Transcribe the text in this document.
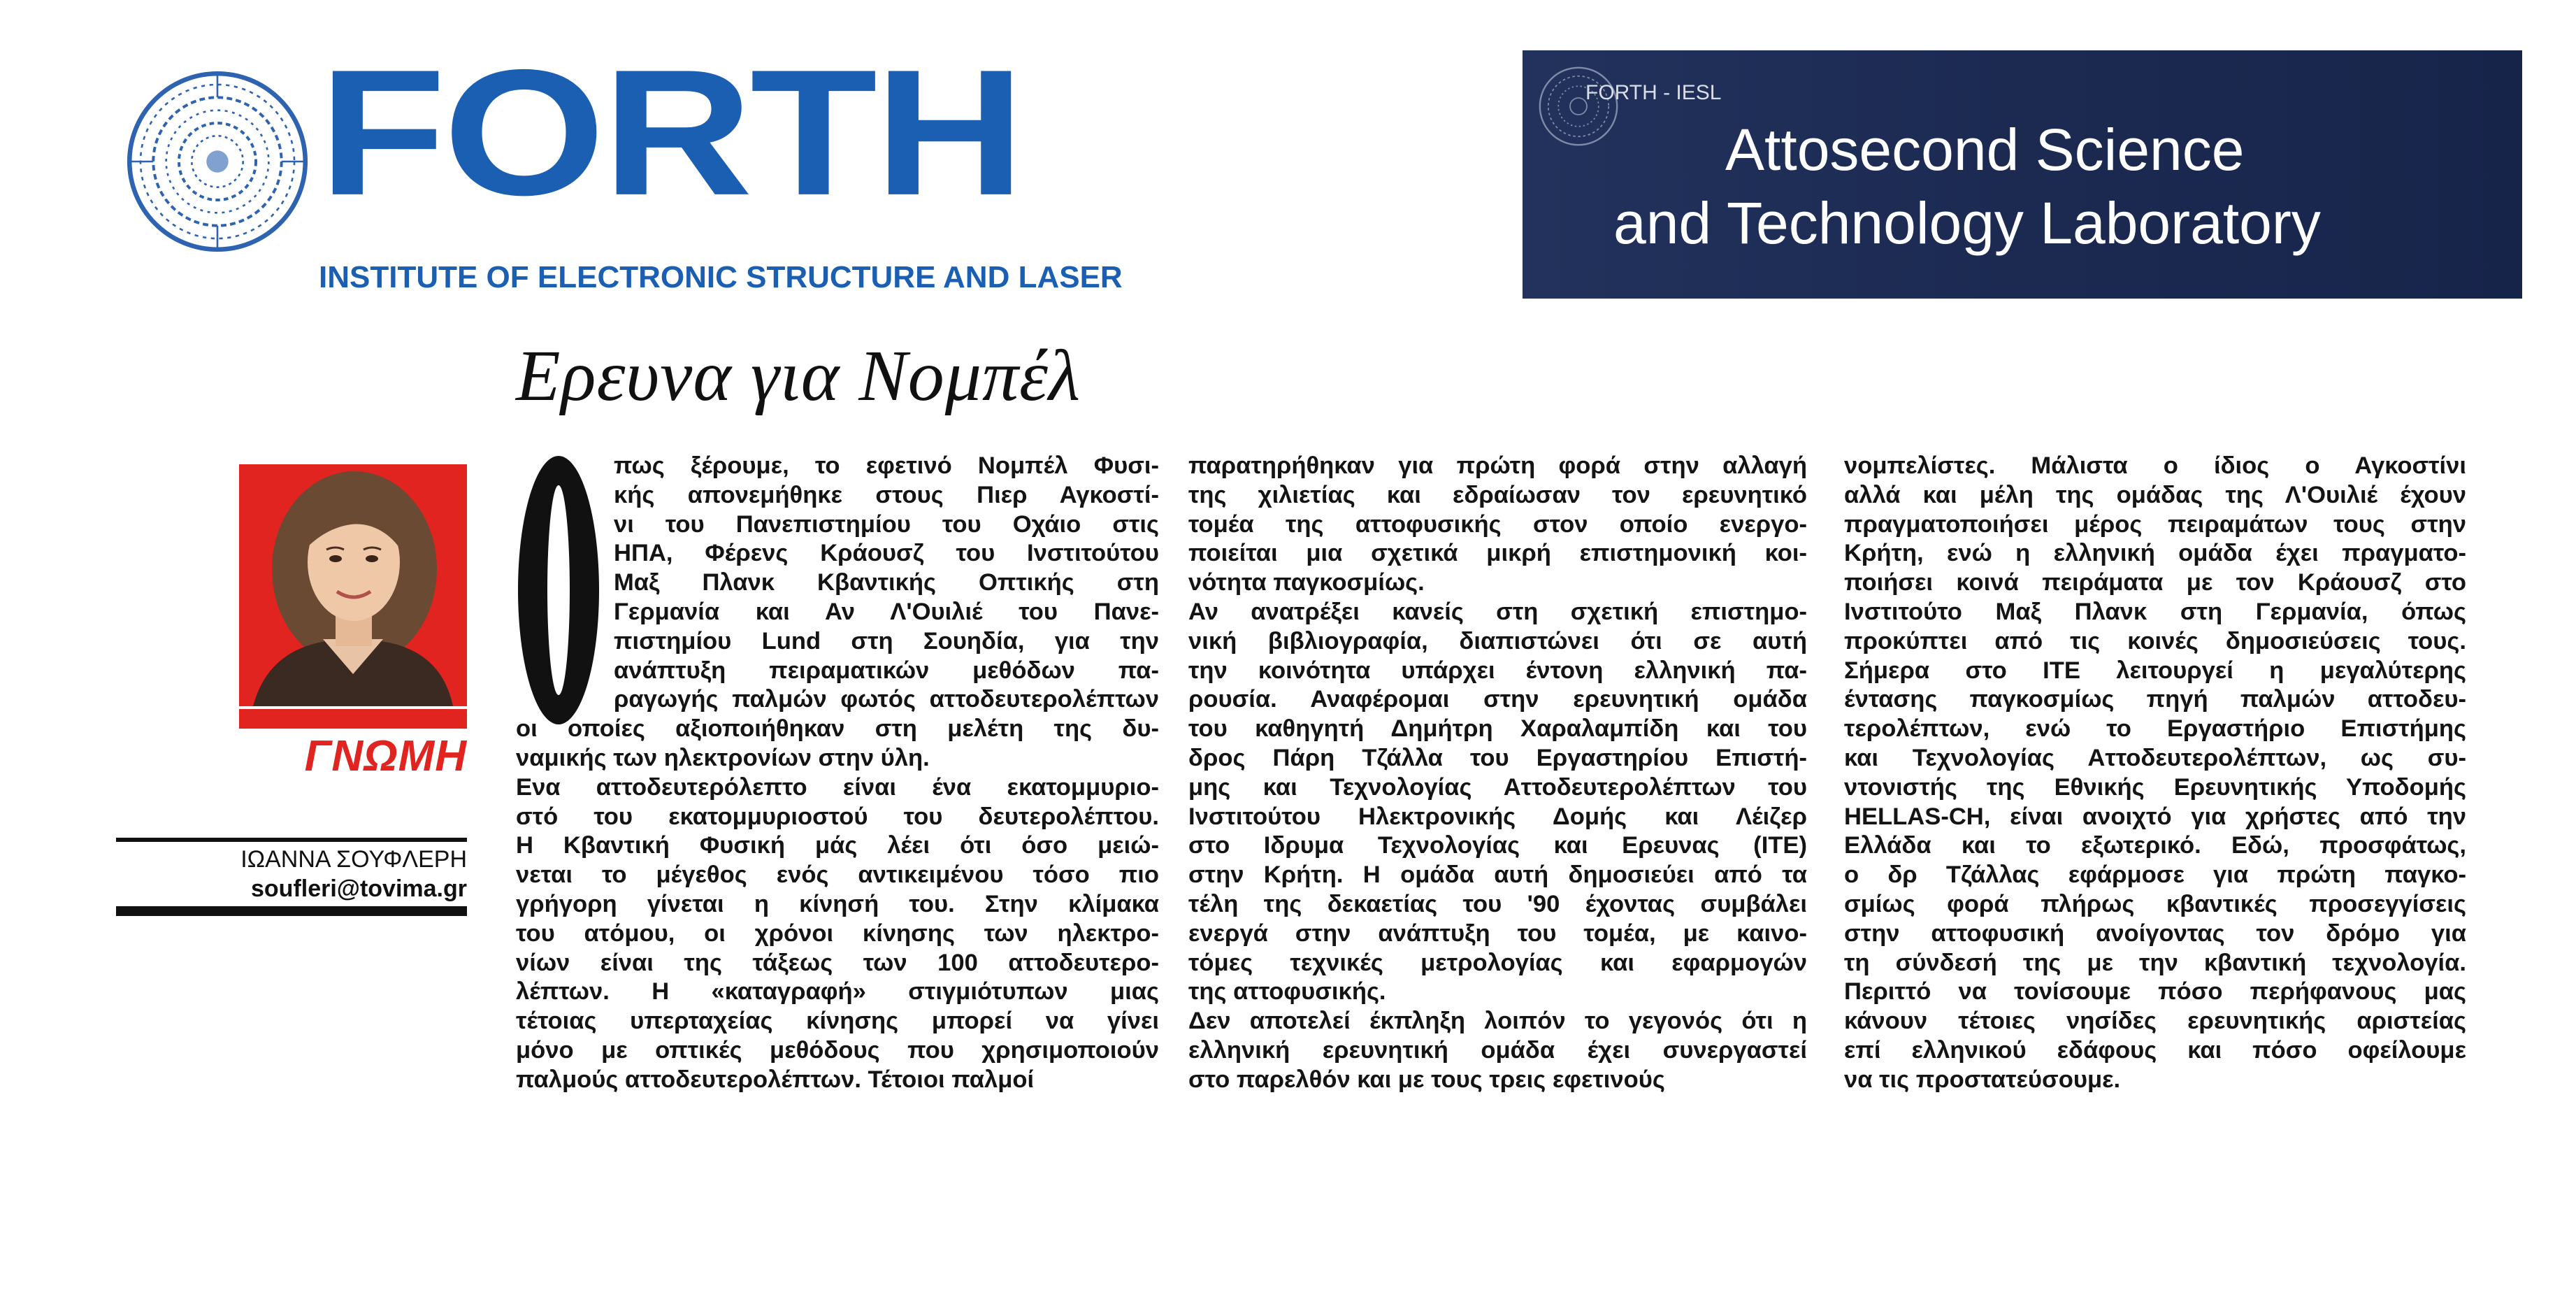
FORTH
INSTITUTE OF ELECTRONIC STRUCTURE AND LASER
FORTH - IESL
Attosecond Science
and Technology Laboratory
Ερευνα για Νομπέλ
ΓΝΩΜΗ
ΙΩΑΝΝΑ ΣΟΥΦΛΕΡΗ
soufleri@tovima.gr
πως ξέρουμε, το εφετινό Νομπέλ Φυσι-
κής απονεμήθηκε στους Πιερ Αγκοστί-
νι του Πανεπιστημίου του Οχάιο στις
ΗΠΑ, Φέρενς Κράουσζ του Ινστιτούτου
Μαξ Πλανκ Κβαντικής Οπτικής στη
Γερμανία και Αν Λ'Ουιλιέ του Πανε-
πιστημίου Lund στη Σουηδία, για την
ανάπτυξη πειραματικών μεθόδων πα-
ραγωγής παλμών φωτός αττοδευτερολέπτων
οι οποίες αξιοποιήθηκαν στη μελέτη της δυ-
ναμικής των ηλεκτρονίων στην ύλη.
Ενα αττοδευτερόλεπτο είναι ένα εκατομμυριο-
στό του εκατομμυριοστού του δευτερολέπτου.
Η Κβαντική Φυσική μάς λέει ότι όσο μειώ-
νεται το μέγεθος ενός αντικειμένου τόσο πιο
γρήγορη γίνεται η κίνησή του. Στην κλίμακα
του ατόμου, οι χρόνοι κίνησης των ηλεκτρο-
νίων είναι της τάξεως των 100 αττοδευτερο-
λέπτων. Η «καταγραφή» στιγμιότυπων μιας
τέτοιας υπερταχείας κίνησης μπορεί να γίνει
μόνο με οπτικές μεθόδους που χρησιμοποιούν
παλμούς αττοδευτερολέπτων. Τέτοιοι παλμοί
παρατηρήθηκαν για πρώτη φορά στην αλλαγή
της χιλιετίας και εδραίωσαν τον ερευνητικό
τομέα της αττοφυσικής στον οποίο ενεργο-
ποιείται μια σχετικά μικρή επιστημονική κοι-
νότητα παγκοσμίως.
Αν ανατρέξει κανείς στη σχετική επιστημο-
νική βιβλιογραφία, διαπιστώνει ότι σε αυτή
την κοινότητα υπάρχει έντονη ελληνική πα-
ρουσία. Αναφέρομαι στην ερευνητική ομάδα
του καθηγητή Δημήτρη Χαραλαμπίδη και του
δρος Πάρη Τζάλλα του Εργαστηρίου Επιστή-
μης και Τεχνολογίας Αττοδευτερολέπτων του
Ινστιτούτου Ηλεκτρονικής Δομής και Λέιζερ
στο Ιδρυμα Τεχνολογίας και Ερευνας (ΙΤΕ)
στην Κρήτη. Η ομάδα αυτή δημοσιεύει από τα
τέλη της δεκαετίας του '90 έχοντας συμβάλει
ενεργά στην ανάπτυξη του τομέα, με καινο-
τόμες τεχνικές μετρολογίας και εφαρμογών
της αττοφυσικής.
Δεν αποτελεί έκπληξη λοιπόν το γεγονός ότι η
ελληνική ερευνητική ομάδα έχει συνεργαστεί
στο παρελθόν και με τους τρεις εφετινούς
νομπελίστες. Μάλιστα ο ίδιος ο Αγκοστίνι
αλλά και μέλη της ομάδας της Λ'Ουιλιέ έχουν
πραγματοποιήσει μέρος πειραμάτων τους στην
Κρήτη, ενώ η ελληνική ομάδα έχει πραγματο-
ποιήσει κοινά πειράματα με τον Κράουσζ στο
Ινστιτούτο Μαξ Πλανκ στη Γερμανία, όπως
προκύπτει από τις κοινές δημοσιεύσεις τους.
Σήμερα στο ΙΤΕ λειτουργεί η μεγαλύτερης
έντασης παγκοσμίως πηγή παλμών αττοδευ-
τερολέπτων, ενώ το Εργαστήριο Επιστήμης
και Τεχνολογίας Αττοδευτερολέπτων, ως συ-
ντονιστής της Εθνικής Ερευνητικής Υποδομής
HELLAS-CH, είναι ανοιχτό για χρήστες από την
Ελλάδα και το εξωτερικό. Εδώ, προσφάτως,
ο δρ Τζάλλας εφάρμοσε για πρώτη παγκο-
σμίως φορά πλήρως κβαντικές προσεγγίσεις
στην αττοφυσική ανοίγοντας τον δρόμο για
τη σύνδεσή της με την κβαντική τεχνολογία.
Περιττό να τονίσουμε πόσο περήφανους μας
κάνουν τέτοιες νησίδες ερευνητικής αριστείας
επί ελληνικού εδάφους και πόσο οφείλουμε
να τις προστατεύσουμε.
